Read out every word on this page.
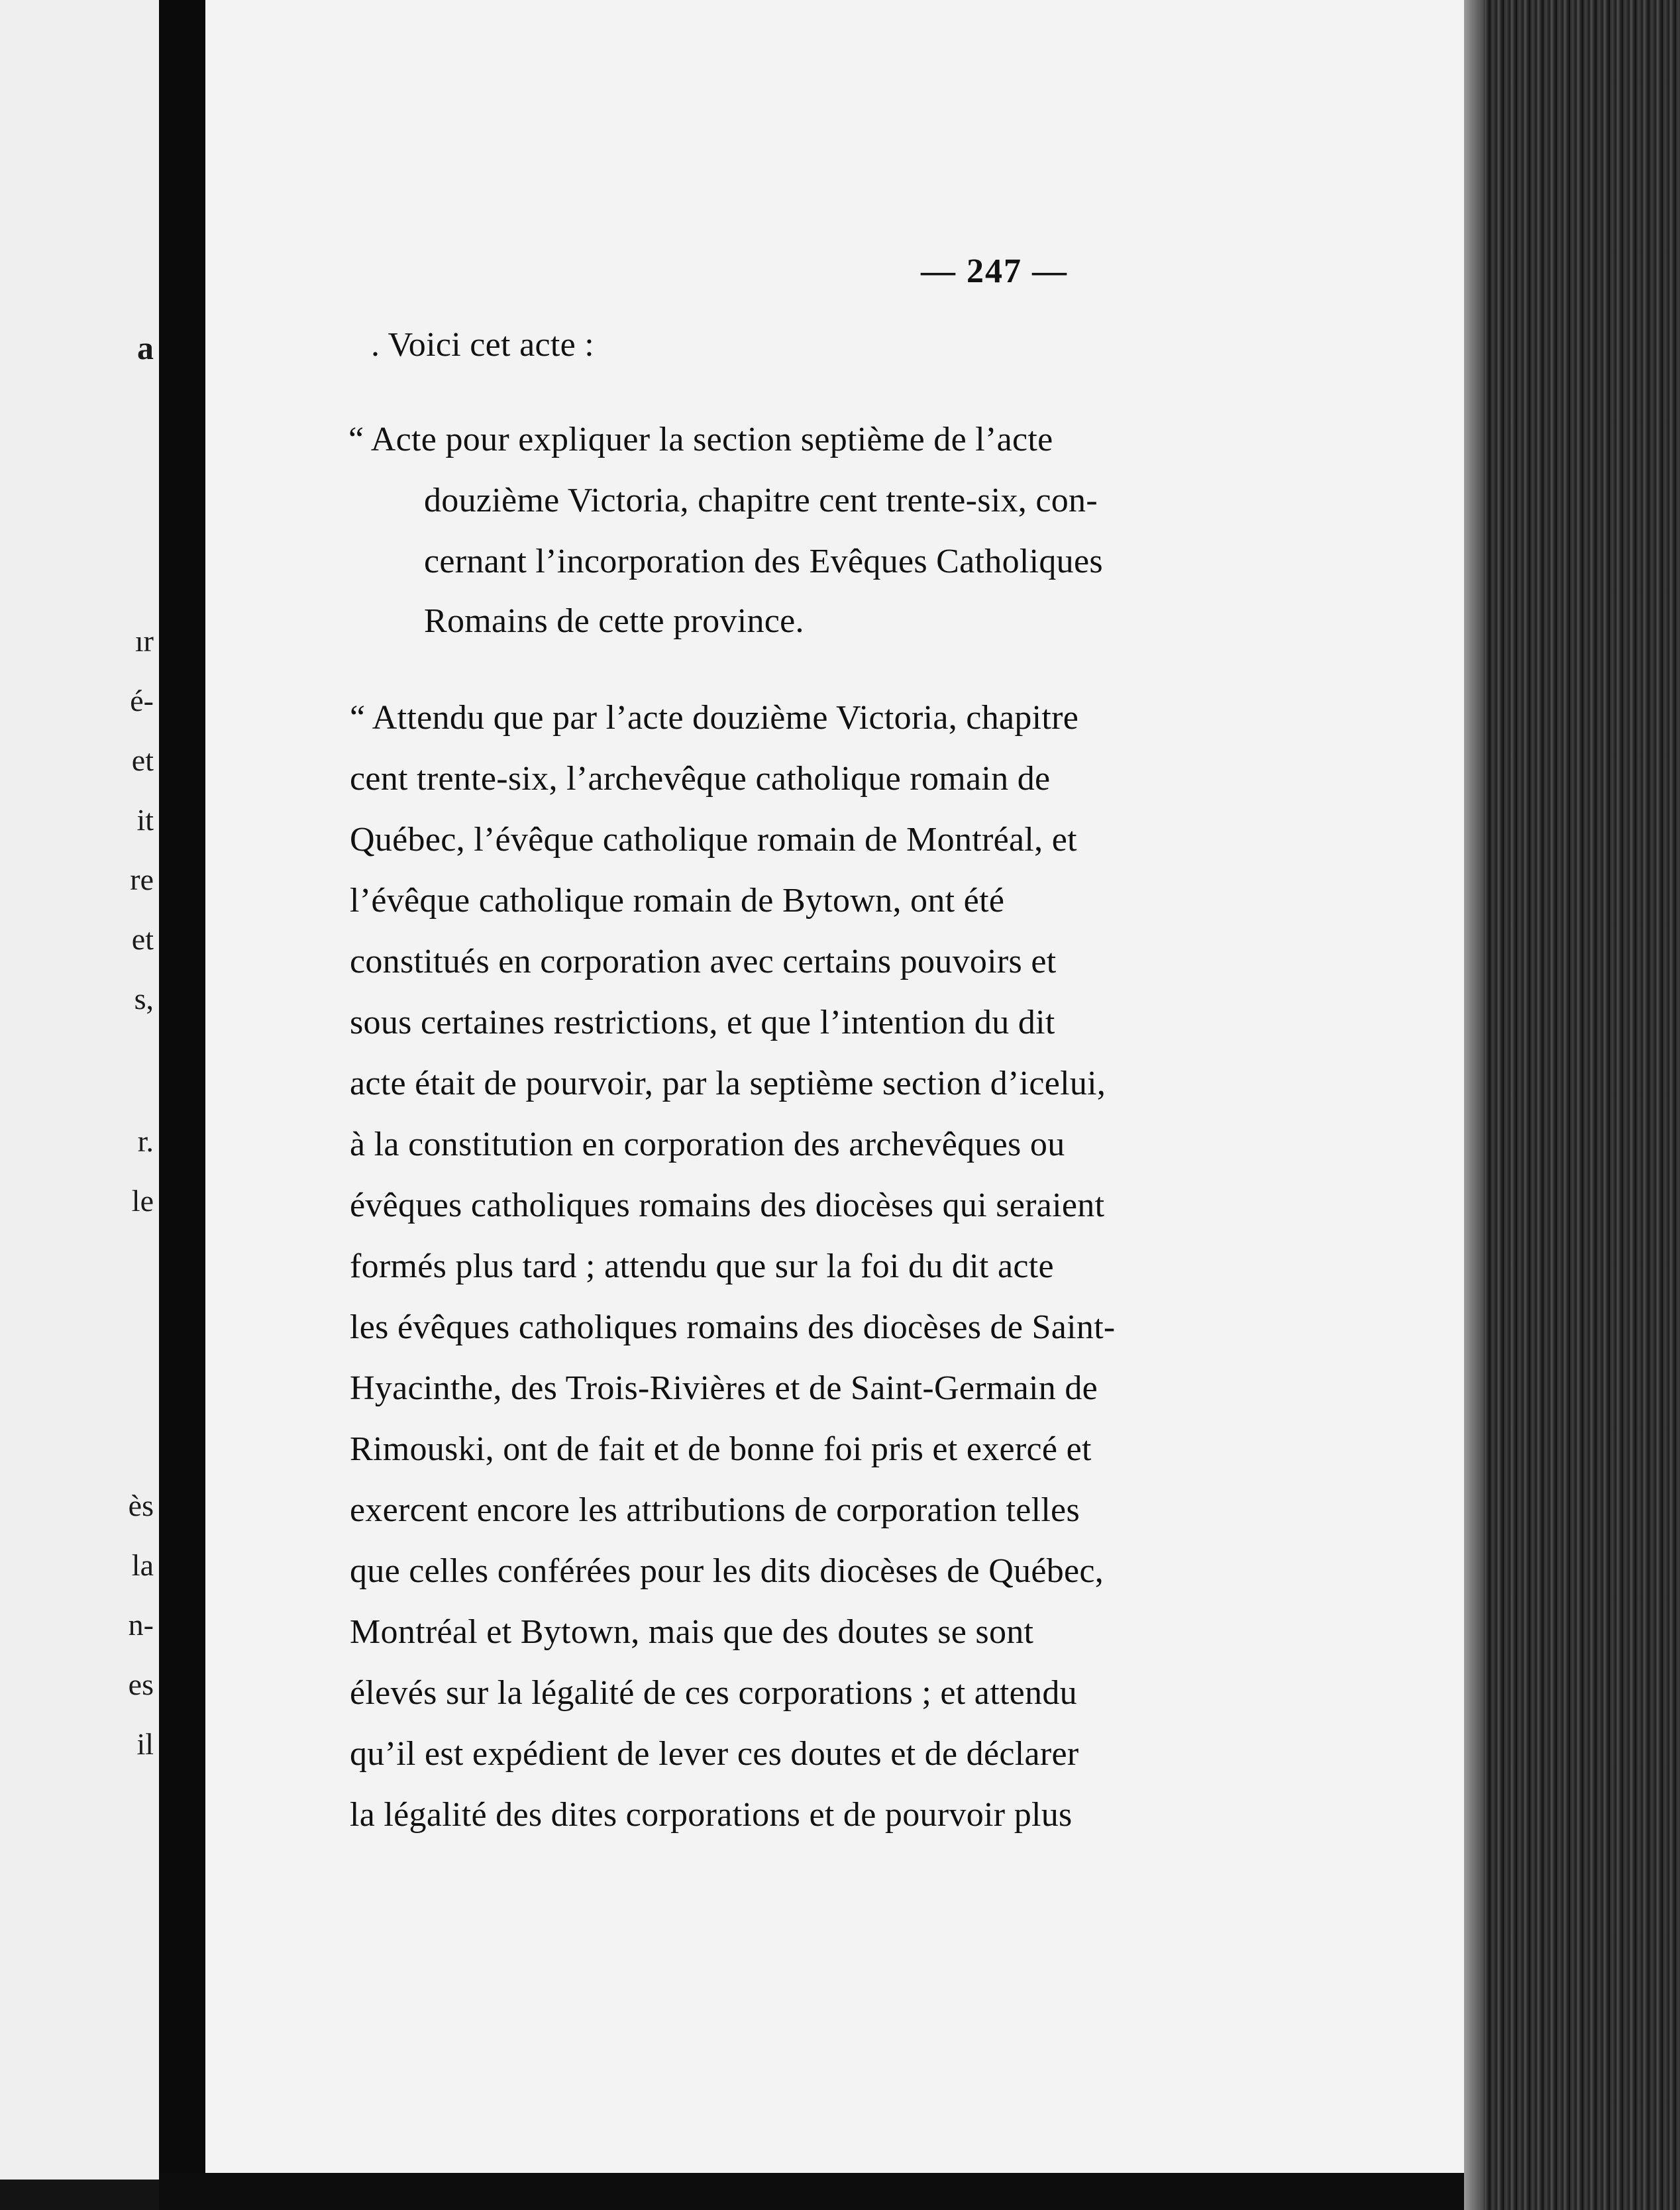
a
ır
é-
et
it
re
et
s,
r.
le
ès
la
n-
es
il
— 247 —
. Voici cet acte :
“ Acte pour expliquer la section septième de l’acte
douzième Victoria, chapitre cent trente-six, con-
cernant l’incorporation des Evêques Catholiques
Romains de cette province.
“ Attendu que par l’acte douzième Victoria, chapitre
cent trente-six, l’archevêque catholique romain de
Québec, l’évêque catholique romain de Montréal, et
l’évêque catholique romain de Bytown, ont été
constitués en corporation avec certains pouvoirs et
sous certaines restrictions, et que l’intention du dit
acte était de pourvoir, par la septième section d’icelui,
à la constitution en corporation des archevêques ou
évêques catholiques romains des diocèses qui seraient
formés plus tard ; attendu que sur la foi du dit acte
les évêques catholiques romains des diocèses de Saint-
Hyacinthe, des Trois-Rivières et de Saint-Germain de
Rimouski, ont de fait et de bonne foi pris et exercé et
exercent encore les attributions de corporation telles
que celles conférées pour les dits diocèses de Québec,
Montréal et Bytown, mais que des doutes se sont
élevés sur la légalité de ces corporations ; et attendu
qu’il est expédient de lever ces doutes et de déclarer
la légalité des dites corporations et de pourvoir plus
